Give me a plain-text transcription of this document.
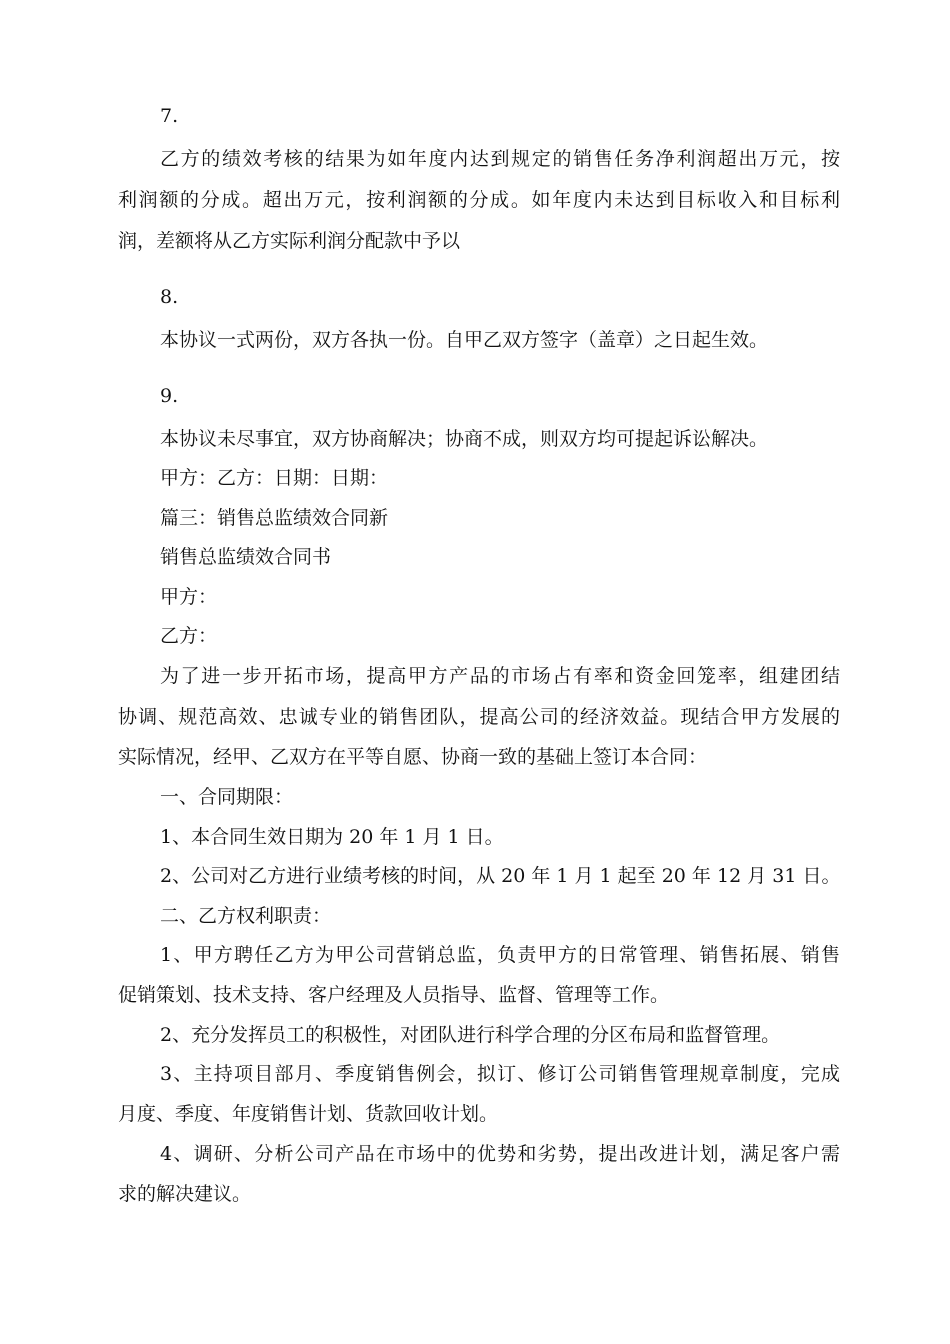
7.
乙方的绩效考核的结果为如年度内达到规定的销售任务净利润超出万元，按
利润额的分成。超出万元，按利润额的分成。如年度内未达到目标收入和目标利
润，差额将从乙方实际利润分配款中予以
8.
本协议一式两份，双方各执一份。自甲乙双方签字（盖章）之日起生效。
9.
本协议未尽事宜，双方协商解决；协商不成，则双方均可提起诉讼解决。
甲方：乙方：日期：日期：
篇三：销售总监绩效合同新
销售总监绩效合同书
甲方：
乙方：
为了进一步开拓市场，提高甲方产品的市场占有率和资金回笼率，组建团结
协调、规范高效、忠诚专业的销售团队，提高公司的经济效益。现结合甲方发展的
实际情况，经甲、乙双方在平等自愿、协商一致的基础上签订本合同：
一、合同期限：
1、本合同生效日期为 20 年 1 月 1 日。
2、公司对乙方进行业绩考核的时间，从 20 年 1 月 1 起至 20 年 12 月 31 日。
二、乙方权利职责：
1、甲方聘任乙方为甲公司营销总监，负责甲方的日常管理、销售拓展、销售
促销策划、技术支持、客户经理及人员指导、监督、管理等工作。
2、充分发挥员工的积极性，对团队进行科学合理的分区布局和监督管理。
3、主持项目部月、季度销售例会，拟订、修订公司销售管理规章制度，完成
月度、季度、年度销售计划、货款回收计划。
4、调研、分析公司产品在市场中的优势和劣势，提出改进计划，满足客户需
求的解决建议。
